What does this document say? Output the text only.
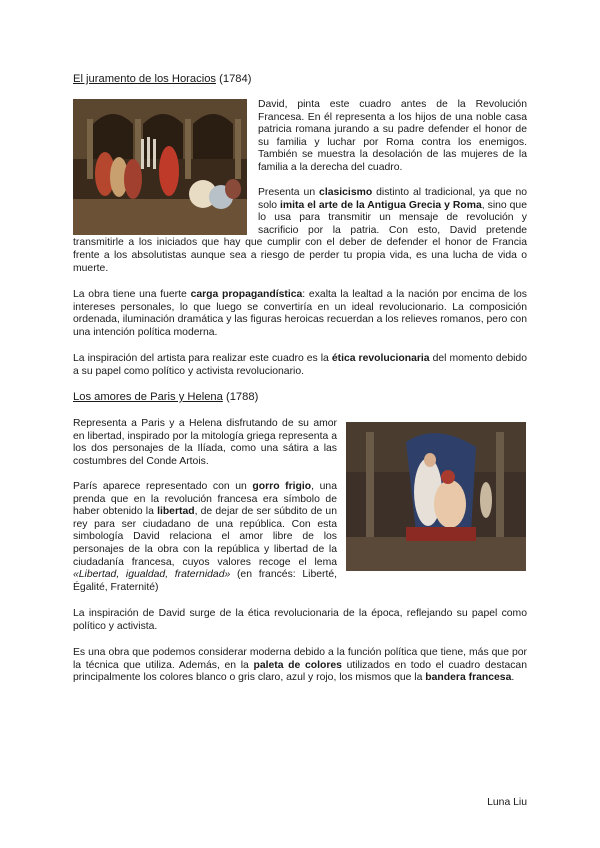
El juramento de los Horacios (1784)

David, pinta este cuadro antes de la Revolución Francesa. En él representa a los hijos de una noble casa patricia romana jurando a su padre defender el honor de su familia y luchar por Roma contra los enemigos. También se muestra la desolación de las mujeres de la familia a la derecha del cuadro.

Presenta un clasicismo distinto al tradicional, ya que no solo imita el arte de la Antigua Grecia y Roma, sino que lo usa para transmitir un mensaje de revolución y sacrificio por la patria. Con esto, David pretende transmitirle a los iniciados que hay que cumplir con el deber de defender el honor de Francia frente a los absolutistas aunque sea a riesgo de perder tu propia vida, es una lucha de vida o muerte.

La obra tiene una fuerte carga propagandística: exalta la lealtad a la nación por encima de los intereses personales, lo que luego se convertiría en un ideal revolucionario. La composición ordenada, iluminación dramática y las figuras heroicas recuerdan a los relieves romanos, pero con una intención política moderna.

La inspiración del artista para realizar este cuadro es la ética revolucionaria del momento debido a su papel como político y activista revolucionario.

Los amores de Paris y Helena (1788)

Representa a Paris y a Helena disfrutando de su amor en libertad, inspirado por la mitología griega representa a los dos personajes de la Ilíada, como una sátira a las costumbres del Conde Artois.

París aparece representado con un gorro frigio, una prenda que en la revolución francesa era símbolo de haber obtenido la libertad, de dejar de ser súbdito de un rey para ser ciudadano de una república. Con esta simbología David relaciona el amor libre de los personajes de la obra con la república y libertad de la ciudadanía francesa, cuyos valores recoge el lema «Libertad, igualdad, fraternidad» (en francés: Liberté, Égalité, Fraternité)

La inspiración de David surge de la ética revolucionaria de la época, reflejando su papel como político y activista.

Es una obra que podemos considerar moderna debido a la función política que tiene, más que por la técnica que utiliza. Además, en la paleta de colores utilizados en todo el cuadro destacan principalmente los colores blanco o gris claro, azul y rojo, los mismos que la bandera francesa.

Luna Liu
